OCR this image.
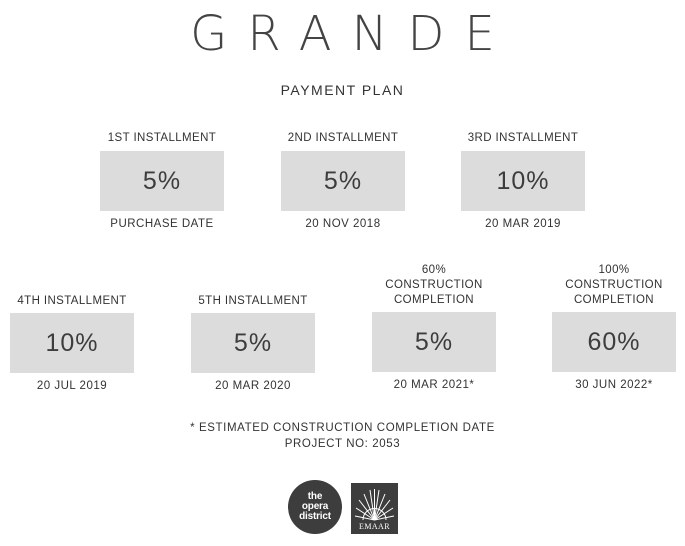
GRANDE
PAYMENT PLAN
1ST INSTALLMENT
5%
PURCHASE DATE
2ND INSTALLMENT
5%
20 NOV 2018
3RD INSTALLMENT
10%
20 MAR 2019
4TH INSTALLMENT
10%
20 JUL 2019
5TH INSTALLMENT
5%
20 MAR 2020
60%
CONSTRUCTION
COMPLETION
5%
20 MAR 2021*
100%
CONSTRUCTION
COMPLETION
60%
30 JUN 2022*
* ESTIMATED CONSTRUCTION COMPLETION DATE
PROJECT NO: 2053
the
opera
district
EMAAR
